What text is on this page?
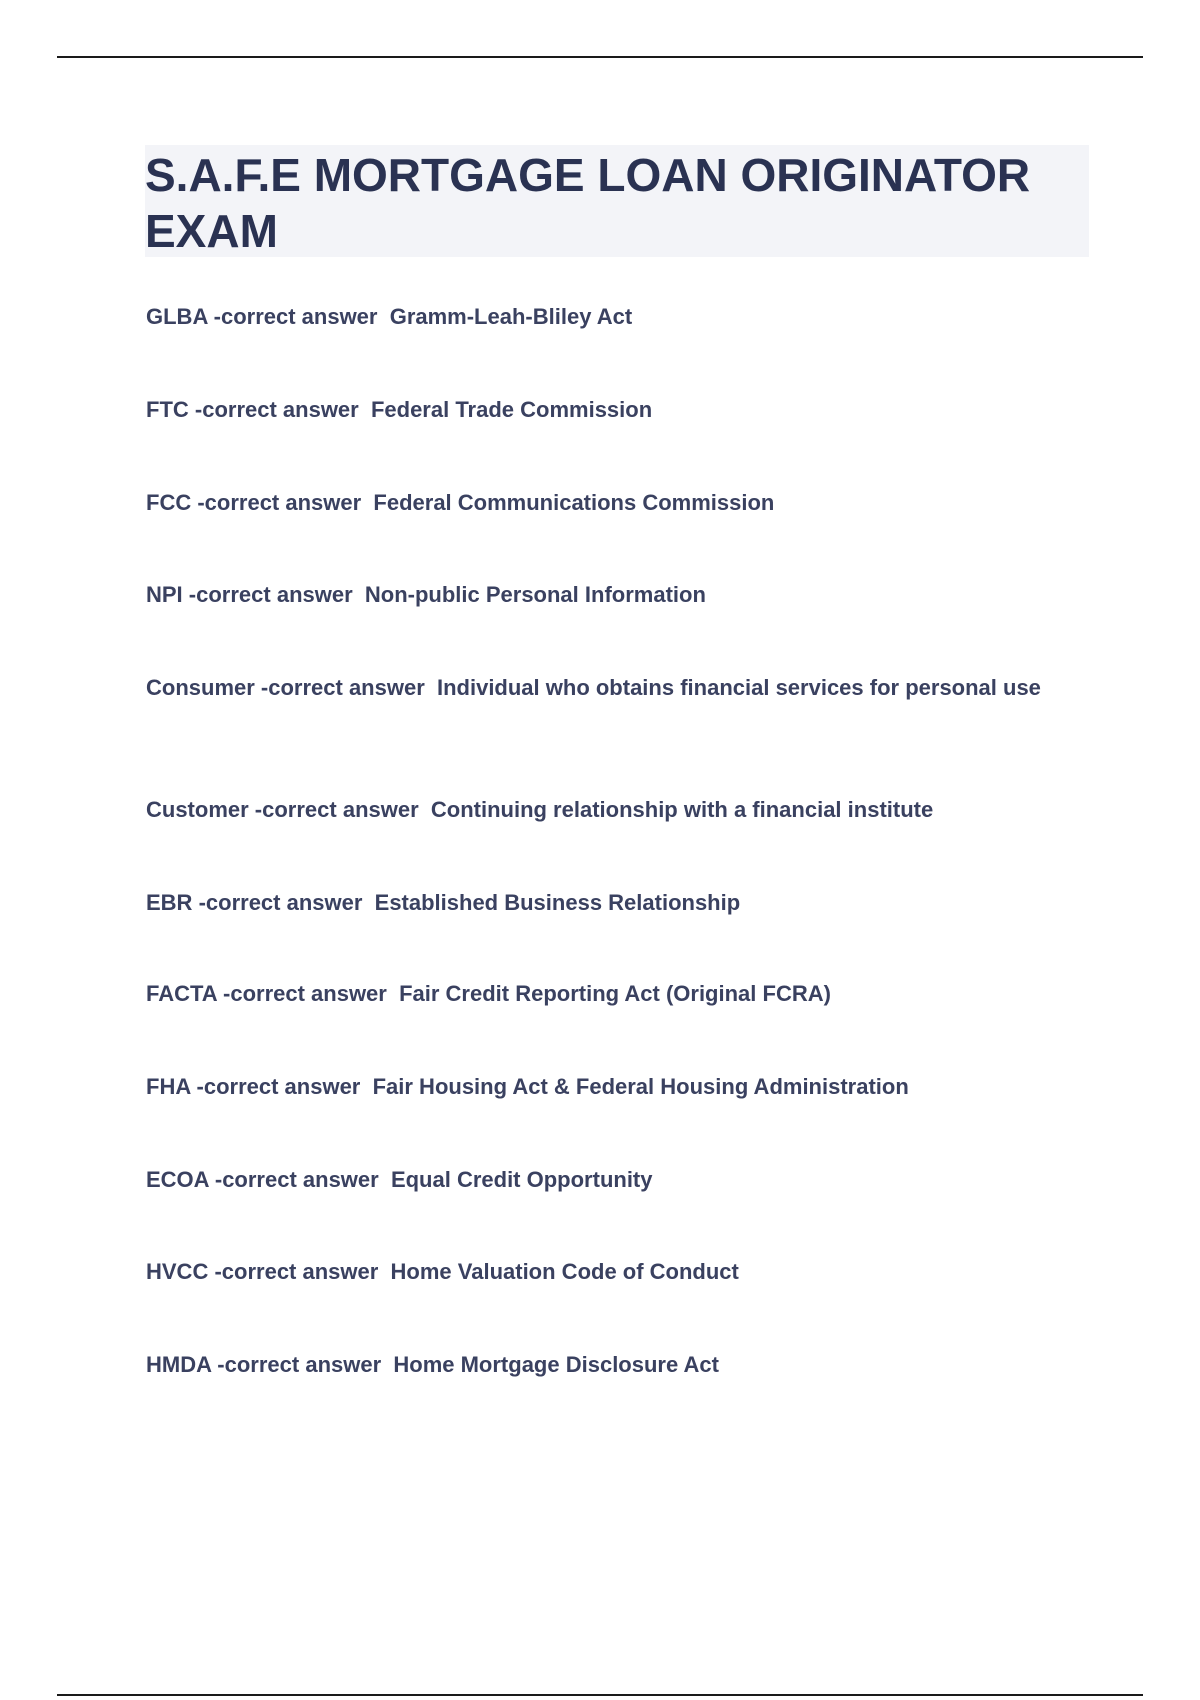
S.A.F.E MORTGAGE LOAN ORIGINATOR EXAM
GLBA -correct answer  Gramm-Leah-Bliley Act
FTC -correct answer  Federal Trade Commission
FCC -correct answer  Federal Communications Commission
NPI -correct answer  Non-public Personal Information
Consumer -correct answer  Individual who obtains financial services for personal use
Customer -correct answer  Continuing relationship with a financial institute
EBR -correct answer  Established Business Relationship
FACTA -correct answer  Fair Credit Reporting Act (Original FCRA)
FHA -correct answer  Fair Housing Act & Federal Housing Administration
ECOA -correct answer  Equal Credit Opportunity
HVCC -correct answer  Home Valuation Code of Conduct
HMDA -correct answer  Home Mortgage Disclosure Act
